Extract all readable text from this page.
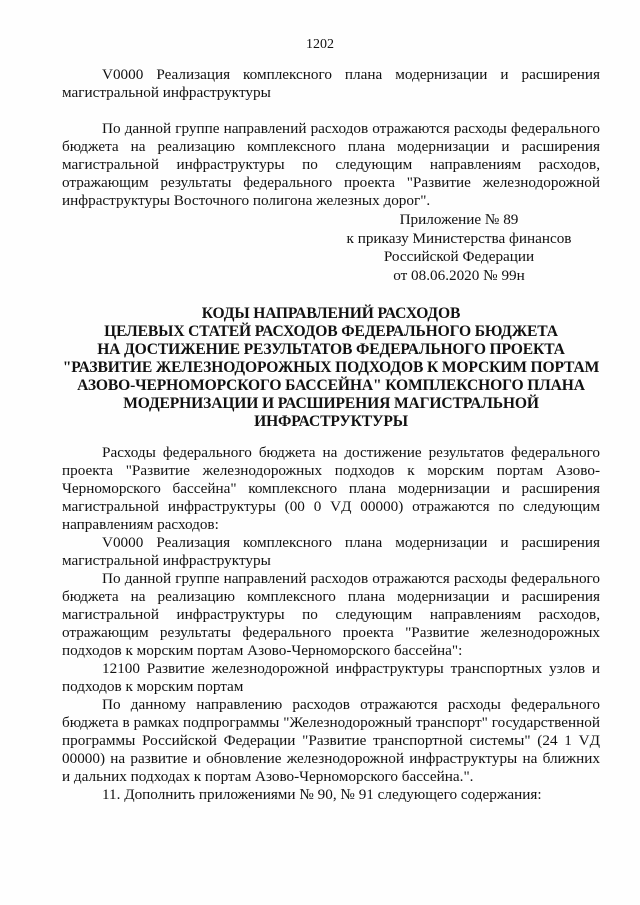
1202
V0000 Реализация комплексного плана модернизации и расширения магистральной инфраструктуры
По данной группе направлений расходов отражаются расходы федерального бюджета на реализацию комплексного плана модернизации и расширения магистральной инфраструктуры по следующим направлениям расходов, отражающим результаты федерального проекта "Развитие железнодорожной инфраструктуры Восточного полигона железных дорог".
Приложение № 89
к приказу Министерства финансов
Российской Федерации
от 08.06.2020 № 99н
КОДЫ НАПРАВЛЕНИЙ РАСХОДОВ
ЦЕЛЕВЫХ СТАТЕЙ РАСХОДОВ ФЕДЕРАЛЬНОГО БЮДЖЕТА
НА ДОСТИЖЕНИЕ РЕЗУЛЬТАТОВ ФЕДЕРАЛЬНОГО ПРОЕКТА
"РАЗВИТИЕ ЖЕЛЕЗНОДОРОЖНЫХ ПОДХОДОВ К МОРСКИМ ПОРТАМ
АЗОВО-ЧЕРНОМОРСКОГО БАССЕЙНА" КОМПЛЕКСНОГО ПЛАНА
МОДЕРНИЗАЦИИ И РАСШИРЕНИЯ МАГИСТРАЛЬНОЙ
ИНФРАСТРУКТУРЫ
Расходы федерального бюджета на достижение результатов федерального проекта "Развитие железнодорожных подходов к морским портам Азово-Черноморского бассейна" комплексного плана модернизации и расширения магистральной инфраструктуры (00 0 VД 00000) отражаются по следующим направлениям расходов:
V0000 Реализация комплексного плана модернизации и расширения магистральной инфраструктуры
По данной группе направлений расходов отражаются расходы федерального бюджета на реализацию комплексного плана модернизации и расширения магистральной инфраструктуры по следующим направлениям расходов, отражающим результаты федерального проекта "Развитие железнодорожных подходов к морским портам Азово-Черноморского бассейна":
12100 Развитие железнодорожной инфраструктуры транспортных узлов и подходов к морским портам
По данному направлению расходов отражаются расходы федерального бюджета в рамках подпрограммы "Железнодорожный транспорт" государственной программы Российской Федерации "Развитие транспортной системы" (24 1 VД 00000) на развитие и обновление железнодорожной инфраструктуры на ближних и дальних подходах к портам Азово-Черноморского бассейна.".
11. Дополнить приложениями № 90, № 91 следующего содержания:
